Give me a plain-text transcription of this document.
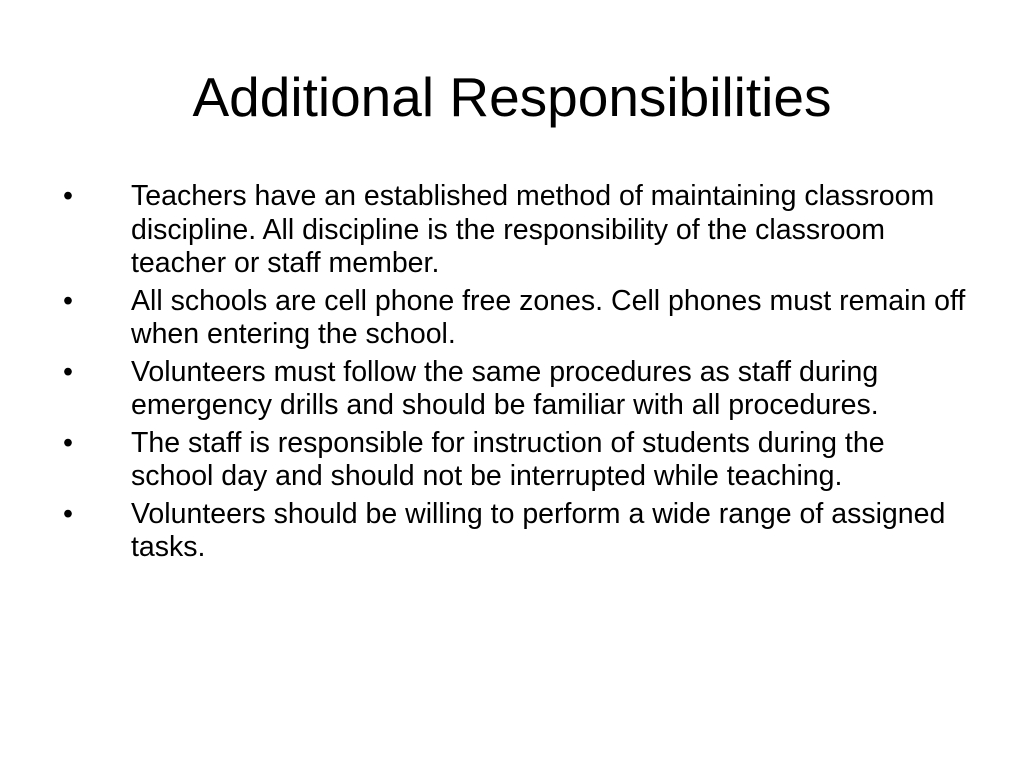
Additional Responsibilities
•	Teachers have an established method of maintaining classroom discipline. All discipline is the responsibility of the classroom teacher or staff member.
•	All schools are cell phone free zones. Cell phones must remain off when entering the school.
•	Volunteers must follow the same procedures as staff during emergency drills and should be familiar with all procedures.
•	The staff is responsible for instruction of students during the school day and should not be interrupted while teaching.
•	Volunteers should be willing to perform a wide range of assigned tasks.
